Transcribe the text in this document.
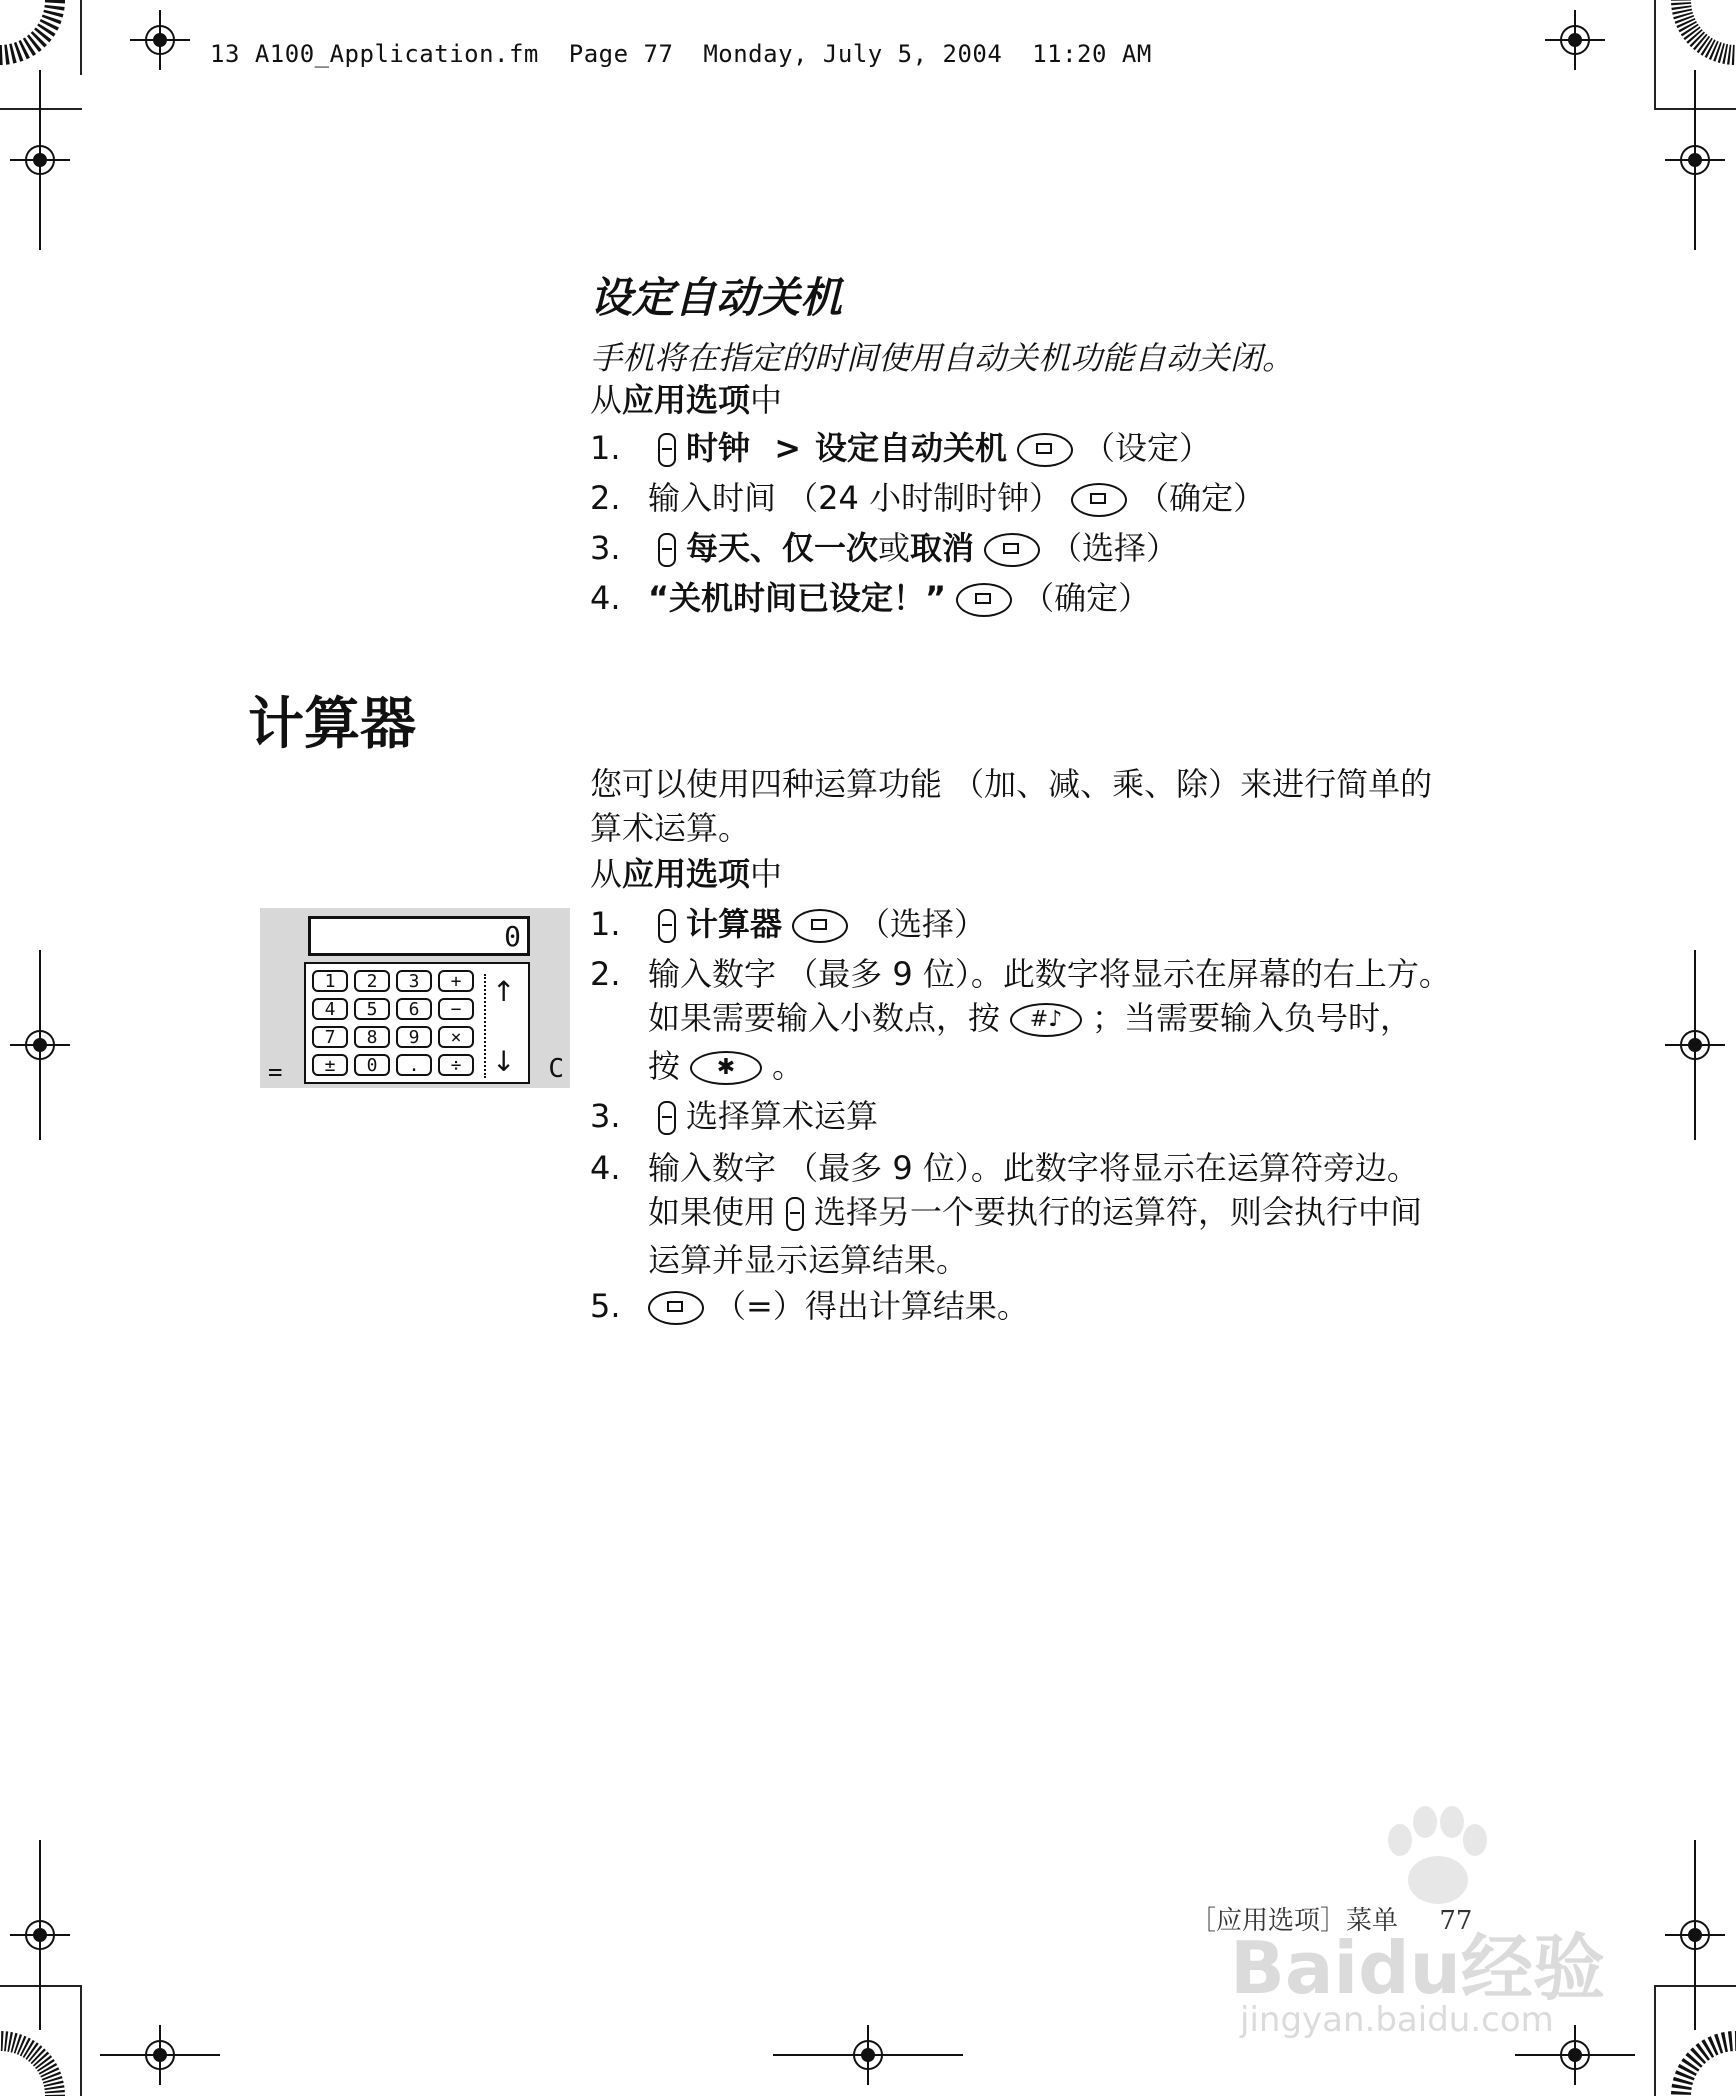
13 A100_Application.fm  Page 77  Monday, July 5, 2004  11:20 AM
设定自动关机
手机将在指定的时间使用自动关机功能自动关闭。
从应用选项中
1. 时钟 > 设定自动关机 （设定）
2. 输入时间 （24 小时制时钟） （确定）
3. 每天、仅一次或取消 （选择）
4. “关机时间已设定！” （确定）
计算器
您可以使用四种运算功能 （加、减、乘、除）来进行简单的
算术运算。
从应用选项中
1. 计算器 （选择）
2. 输入数字 （最多 9 位）。此数字将显示在屏幕的右上方。
如果需要输入小数点，按 #♪ ；当需要输入负号时，
按 ✱ 。
3. 选择算术运算
4. 输入数字 （最多 9 位）。此数字将显示在运算符旁边。
如果使用 选择另一个要执行的运算符，则会执行中间
运算并显示运算结果。
5.	（=）得出计算结果。
0
1	2	3	+
4	5	6	−
7	8	9	×
±	0	.	÷
↑
↓
=	C
［应用选项］菜单     77
Baidu经验
jingyan.baidu.com
